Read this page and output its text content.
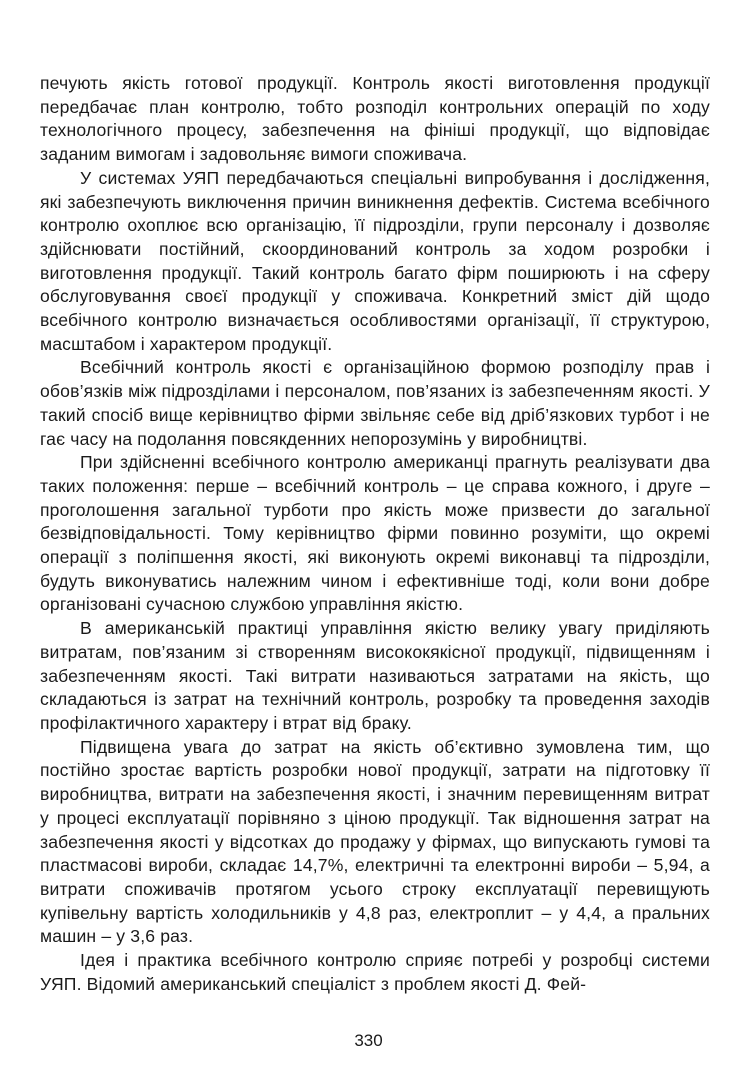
печують якість готової продукції. Контроль якості виготовлення продукції передбачає план контролю, тобто розподіл контрольних операцій по ходу технологічного процесу, забезпечення на фініші продукції, що відповідає заданим вимогам і задовольняє вимоги споживача.

У системах УЯП передбачаються спеціальні випробування і дослідження, які забезпечують виключення причин виникнення дефектів. Система всебічного контролю охоплює всю організацію, її підрозділи, групи персоналу і дозволяє здійснювати постійний, скоординований контроль за ходом розробки і виготовлення продукції. Такий контроль багато фірм поширюють і на сферу обслуговування своєї продукції у споживача. Конкретний зміст дій щодо всебічного контролю визначається особливостями організації, її структурою, масштабом і характером продукції.

Всебічний контроль якості є організаційною формою розподілу прав і обов’язків між підрозділами і персоналом, пов’язаних із забезпеченням якості. У такий спосіб вище керівництво фірми звільняє себе від дріб’язкових турбот і не гає часу на подолання повсякденних непорозумінь у виробництві.

При здійсненні всебічного контролю американці прагнуть реалізувати два таких положення: перше – всебічний контроль – це справа кожного, і друге – проголошення загальної турботи про якість може призвести до загальної безвідповідальності. Тому керівництво фірми повинно розуміти, що окремі операції з поліпшення якості, які виконують окремі виконавці та підрозділи, будуть виконуватись належним чином і ефективніше тоді, коли вони добре організовані сучасною службою управління якістю.

В американській практиці управління якістю велику увагу приділяють витратам, пов’язаним зі створенням висококякісної продукції, підвищенням і забезпеченням якості. Такі витрати називаються затратами на якість, що складаються із затрат на технічний контроль, розробку та проведення заходів профілактичного характеру і втрат від браку.

Підвищена увага до затрат на якість об’єктивно зумовлена тим, що постійно зростає вартість розробки нової продукції, затрати на підготовку її виробництва, витрати на забезпечення якості, і значним перевищенням витрат у процесі експлуатації порівняно з ціною продукції. Так відношення затрат на забезпечення якості у відсотках до продажу у фірмах, що випускають гумові та пластмасові вироби, складає 14,7%, електричні та електронні вироби – 5,94, а витрати споживачів протягом усього строку експлуатації перевищують купівельну вартість холодильників у 4,8 раз, електроплит – у 4,4, а пральних машин – у 3,6 раз.

Ідея і практика всебічного контролю сприяє потребі у розробці системи УЯП. Відомий американський спеціаліст з проблем якості Д. Фей-

330
